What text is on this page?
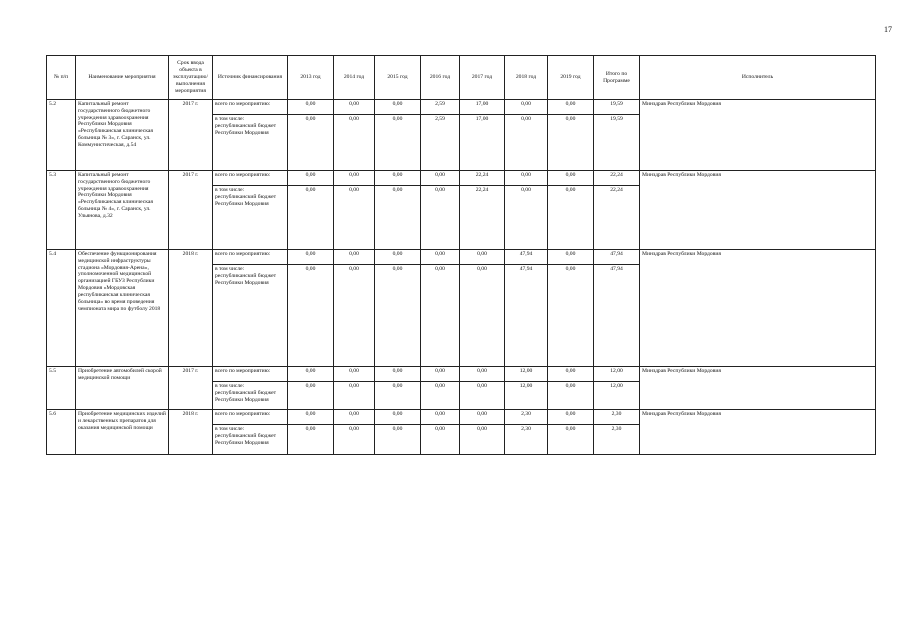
17
№ п/п	Наименование мероприятия	Срок ввода объекта в эксплуатацию/ выполнения мероприятия	Источник финансирования	2013 год	2014 год	2015 год	2016 год	2017 год	2018 год	2019 год	Итого по Программе	Исполнитель
5.2	Капитальный ремонт государственного бюджетного учреждения здравоохранения Республики Мордовия «Республиканская клиническая больница № 3», г. Саранск, ул. Коммунистическая, д.54	2017 г.	всего по мероприятию:	0,00	0,00	0,00	2,59	17,00	0,00	0,00	19,59	Минздрав Республики Мордовия
			в том числе: республиканский бюджет Республики Мордовия	0,00	0,00	0,00	2,59	17,00	0,00	0,00	19,59	
5.3	Капитальный ремонт государственного бюджетного учреждения здравоохранения Республики Мордовия «Республиканская клиническая больница № 4», г. Саранск, ул. Ульянова, д.32	2017 г.	всего по мероприятию:	0,00	0,00	0,00	0,00	22,24	0,00	0,00	22,24	Минздрав Республики Мордовия
			в том числе: республиканский бюджет Республики Мордовия	0,00	0,00	0,00	0,00	22,24	0,00	0,00	22,24	
5.4	Обеспечение функционирования медицинской инфраструктуры стадиона «Мордовия-Арена», уполномоченной медицинской организацией ГБУЗ Республики Мордовия «Мордовская республиканская клиническая больница» во время проведения чемпионата мира по футболу 2018	2018 г.	всего по мероприятию:	0,00	0,00	0,00	0,00	0,00	47,94	0,00	47,94	Минздрав Республики Мордовия
			в том числе: республиканский бюджет Республики Мордовия	0,00	0,00	0,00	0,00	0,00	47,94	0,00	47,94	
5.5	Приобретение автомобилей скорой медицинской помощи	2017 г.	всего по мероприятию:	0,00	0,00	0,00	0,00	0,00	12,00	0,00	12,00	Минздрав Республики Мордовия
			в том числе: республиканский бюджет Республики Мордовия	0,00	0,00	0,00	0,00	0,00	12,00	0,00	12,00	
5.6	Приобретение медицинских изделий и лекарственных препаратов для оказания медицинской помощи	2018 г.	всего по мероприятию:	0,00	0,00	0,00	0,00	0,00	2,30	0,00	2,30	Минздрав Республики Мордовия
			в том числе: республиканский бюджет Республики Мордовия	0,00	0,00	0,00	0,00	0,00	2,30	0,00	2,30	
